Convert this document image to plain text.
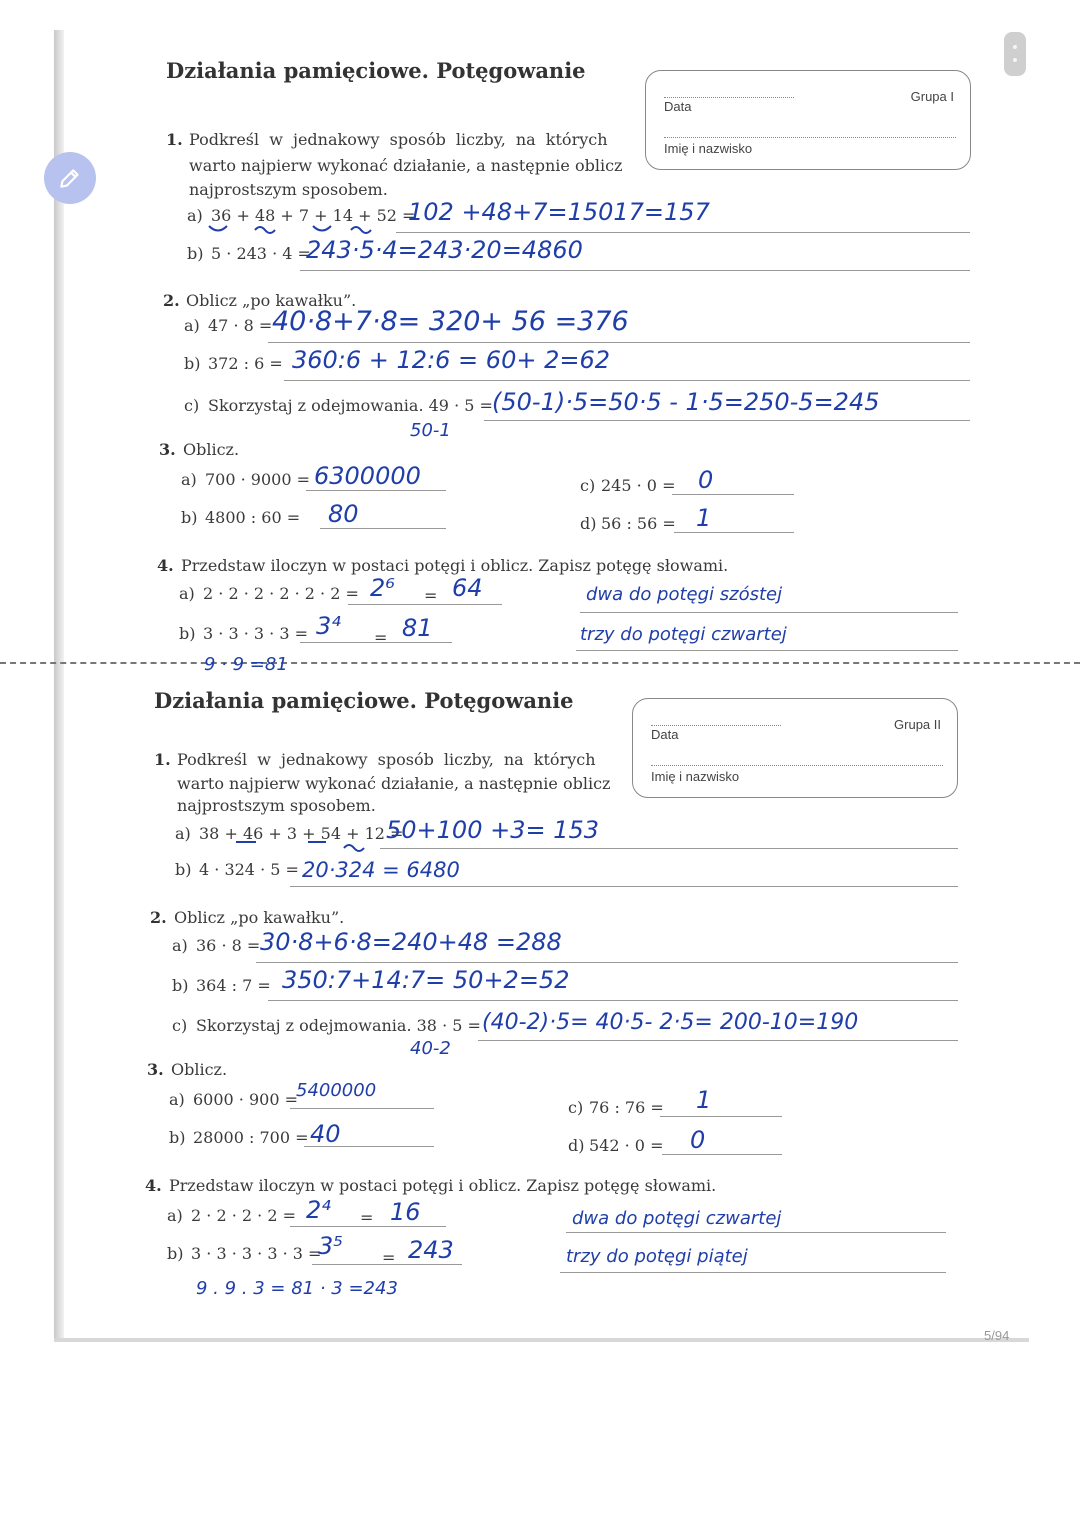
5/94
Działania pamięciowe. Potęgowanie
Grupa I
Data
Imię i nazwisko
1. Podkreśl w jednakowy sposób liczby, na których
warto najpierw wykonać działanie, a następnie oblicz
najprostszym sposobem.
a) 36 + 48 + 7 + 14 + 52 =
102 +48+7=15017=157
b) 5 · 243 · 4 =
243·5·4=243·20=4860
2. Oblicz „po kawałku”.
a) 47 · 8 = 40·8+7·8= 320+ 56 =376
b) 372 : 6 = 360:6 + 12:6 = 60+ 2=62
c) Skorzystaj z odejmowania. 49 · 5 = (50-1)·5=50·5 - 1·5=250-5=245
50-1
3. Oblicz.
a) 700 · 9000 = 6300000
b) 4800 : 60 = 80
c) 245 · 0 = 0
d) 56 : 56 = 1
4. Przedstaw iloczyn w postaci potęgi i oblicz. Zapisz potęgę słowami.
a) 2 · 2 · 2 · 2 · 2 · 2 = 2⁶ = 64	dwa do potęgi szóstej
b) 3 · 3 · 3 · 3 = 3⁴ = 81	trzy do potęgi czwartej
9 · 9 =81
Działania pamięciowe. Potęgowanie
Grupa II
Data
Imię i nazwisko
1. Podkreśl w jednakowy sposób liczby, na których
warto najpierw wykonać działanie, a następnie oblicz
najprostszym sposobem.
a) 38 + 46 + 3 + 54 + 12 =
50+100 +3= 153
b) 4 · 324 · 5 = 20·324 = 6480
2. Oblicz „po kawałku”.
a) 36 · 8 = 30·8+6·8=240+48 =288
b) 364 : 7 = 350:7+14:7= 50+2=52
c) Skorzystaj z odejmowania. 38 · 5 = (40-2)·5= 40·5- 2·5= 200-10=190
40-2
3. Oblicz.
a) 6000 · 900 =
5400000
b) 28000 : 700 = 40
c) 76 : 76 = 1
d) 542 · 0 = 0
4. Przedstaw iloczyn w postaci potęgi i oblicz. Zapisz potęgę słowami.
a) 2 · 2 · 2 · 2 = 2⁴ = 16	dwa do potęgi czwartej
b) 3 · 3 · 3 · 3 · 3 =
3⁵ = 243	trzy do potęgi piątej
9 . 9 . 3 = 81 · 3 =243
